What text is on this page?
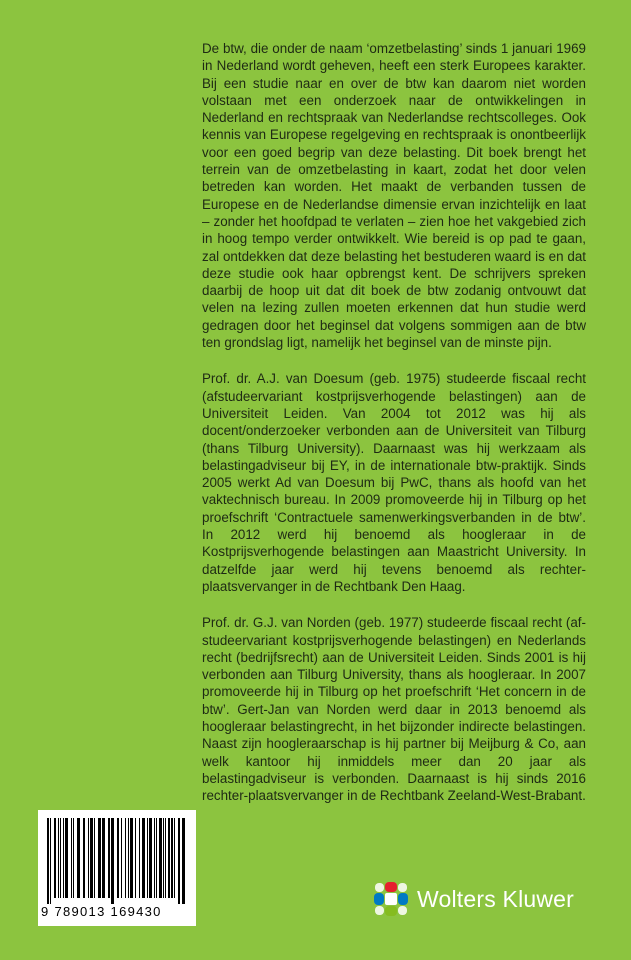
De btw, die onder de naam ‘omzetbelasting’ sinds 1 januari 1969 in Nederland wordt geheven, heeft een sterk Europees karakter. Bij een studie naar en over de btw kan daarom niet worden volstaan met een onderzoek naar de ontwikkelingen in Nederland en rechtspraak van Nederlandse rechtscolleges. Ook kennis van Europese regelgeving en rechtspraak is onontbeerlijk voor een goed begrip van deze belasting. Dit boek brengt het terrein van de omzetbelasting in kaart, zodat het door velen betreden kan worden. Het maakt de verbanden tussen de Europese en de Nederlandse dimensie ervan inzichtelijk en laat – zonder het hoofdpad te verlaten – zien hoe het vakgebied zich in hoog tempo verder ontwikkelt. Wie bereid is op pad te gaan, zal ontdekken dat deze belasting het bestuderen waard is en dat deze studie ook haar opbrengst kent. De schrijvers spreken daarbij de hoop uit dat dit boek de btw zodanig ontvouwt dat velen na lezing zullen moeten erkennen dat hun studie werd gedragen door het beginsel dat volgens sommigen aan de btw ten grondslag ligt, namelijk het beginsel van de minste pijn.

Prof. dr. A.J. van Doesum (geb. 1975) studeerde fiscaal recht (afstudeervariant kostprijsverhogende belastingen) aan de Universiteit Leiden. Van 2004 tot 2012 was hij als docent/onderzoeker verbonden aan de Universiteit van Tilburg (thans Tilburg University). Daarnaast was hij werkzaam als belastingadviseur bij EY, in de internationale btw-praktijk. Sinds 2005 werkt Ad van Doesum bij PwC, thans als hoofd van het vaktechnisch bureau. In 2009 promoveerde hij in Tilburg op het proefschrift ‘Contractuele samenwerkingsverbanden in de btw’. In 2012 werd hij benoemd als hoogleraar in de Kostprijsverhogende belastingen aan Maastricht University. In datzelfde jaar werd hij tevens benoemd als rechter-plaatsvervanger in de Rechtbank Den Haag.

Prof. dr. G.J. van Norden (geb. 1977) studeerde fiscaal recht (afstudeervariant kostprijsverhogende belastingen) en Nederlands recht (bedrijfsrecht) aan de Universiteit Leiden. Sinds 2001 is hij verbonden aan Tilburg University, thans als hoogleraar. In 2007 promoveerde hij in Tilburg op het proefschrift ‘Het concern in de btw’. Gert-Jan van Norden werd daar in 2013 benoemd als hoogleraar belastingrecht, in het bijzonder indirecte belastingen. Naast zijn hoogleraarschap is hij partner bij Meijburg & Co, aan welk kantoor hij inmiddels meer dan 20 jaar als belastingadviseur is verbonden. Daarnaast is hij sinds 2016 rechter-plaatsvervanger in de Rechtbank Zeeland-West-Brabant.

9 789013 169430	Wolters Kluwer
